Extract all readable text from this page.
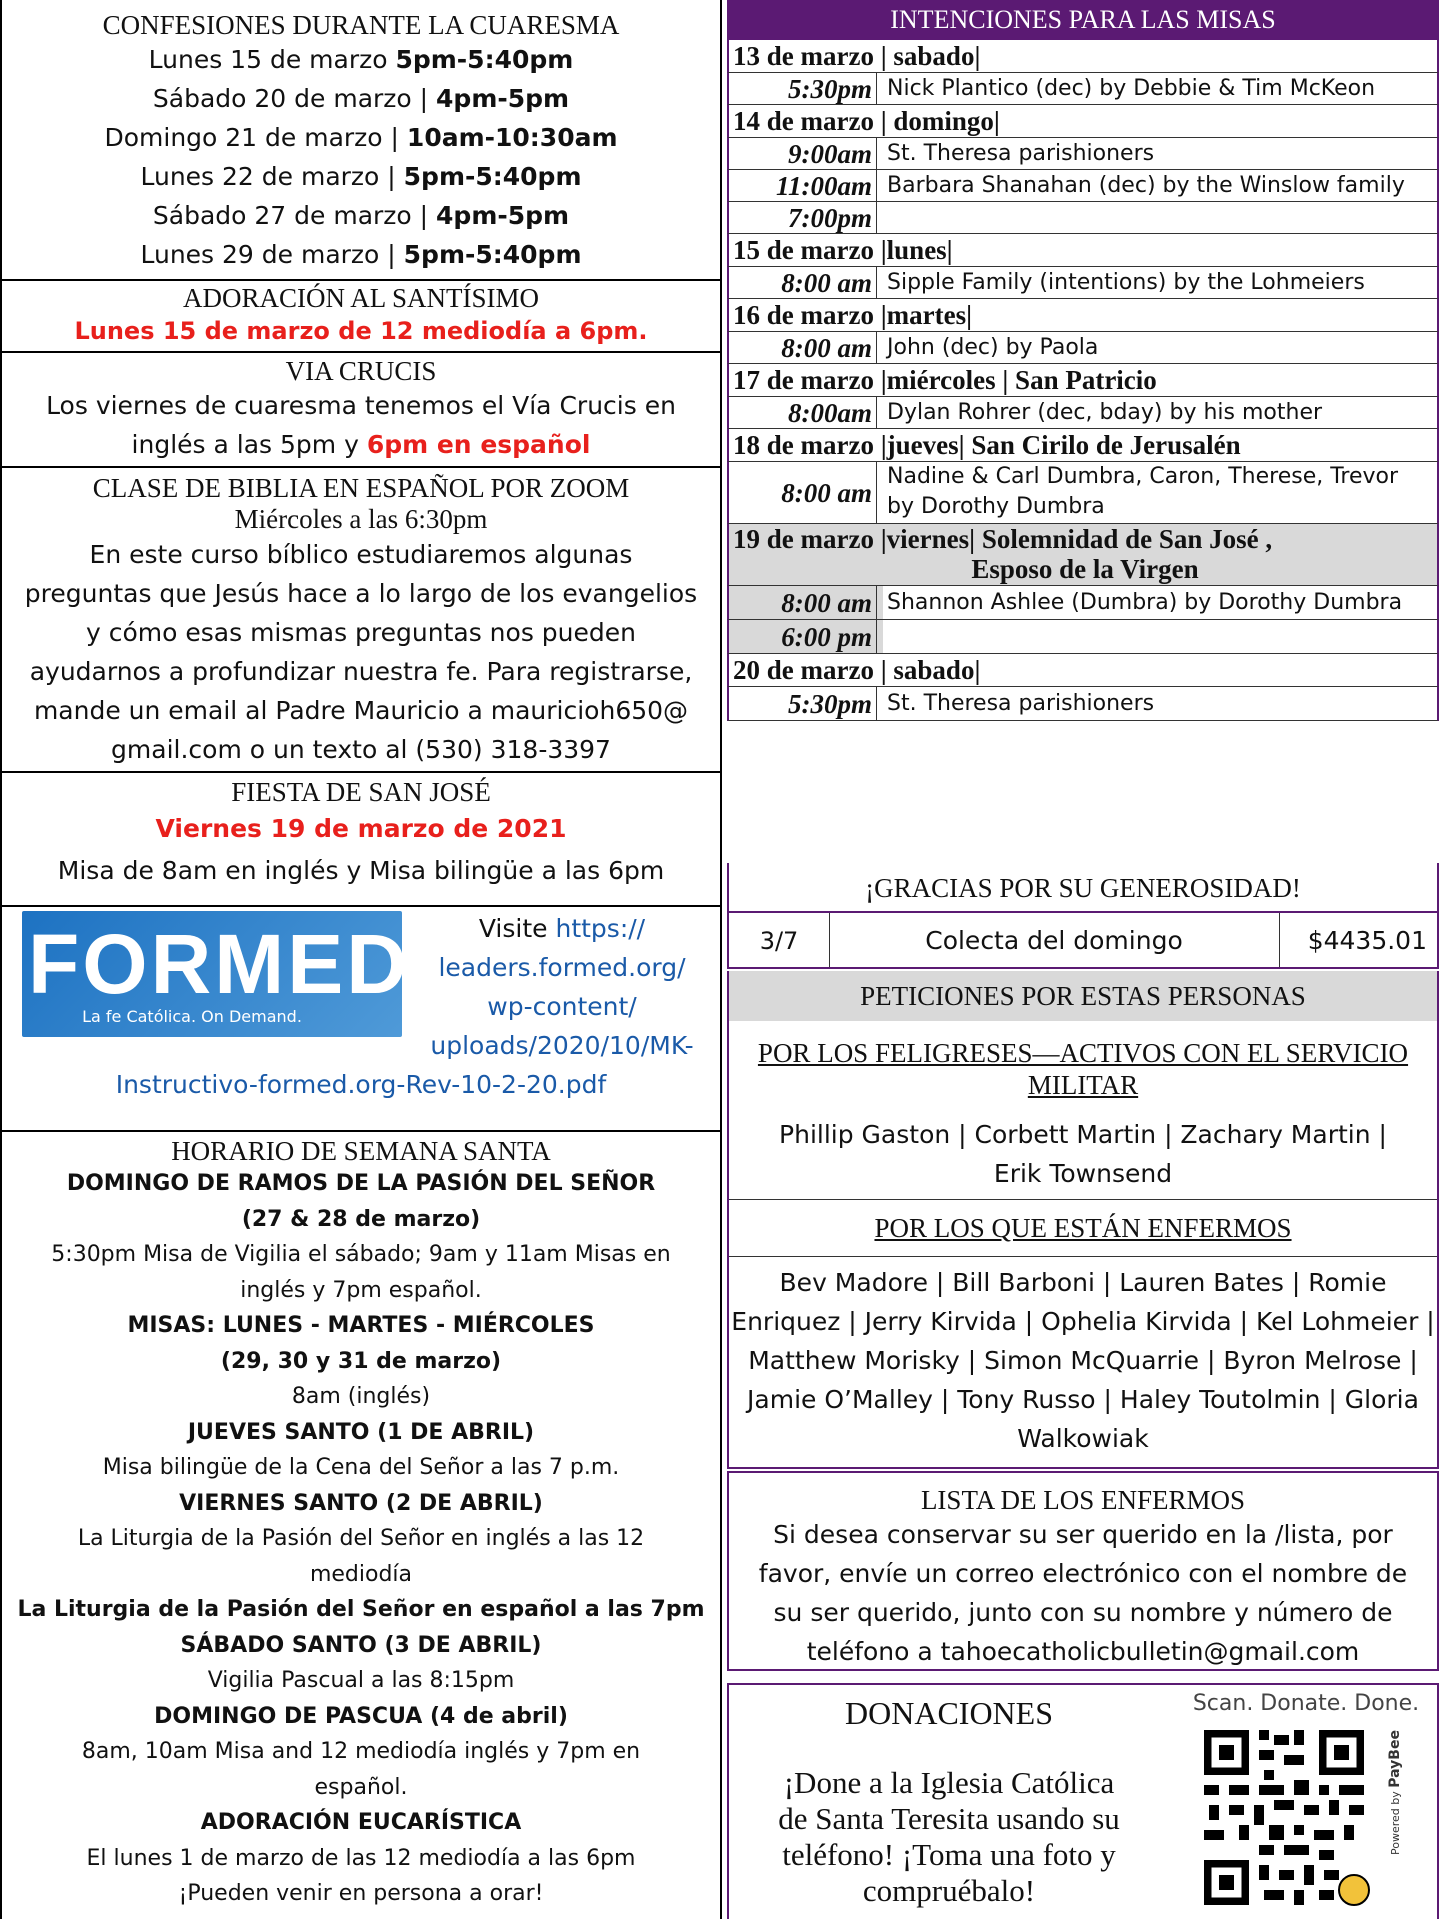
CONFESIONES DURANTE LA CUARESMA
Lunes 15 de marzo 5pm-5:40pm
Sábado 20 de marzo | 4pm-5pm
Domingo 21 de marzo | 10am-10:30am
Lunes 22 de marzo | 5pm-5:40pm
Sábado 27 de marzo | 4pm-5pm
Lunes 29 de marzo | 5pm-5:40pm
ADORACIÓN AL SANTÍSIMO
Lunes 15 de marzo de 12 mediodía a 6pm.
VIA CRUCIS
Los viernes de cuaresma tenemos el Vía Crucis en
inglés a las 5pm y 6pm en español
CLASE DE BIBLIA EN ESPAÑOL POR ZOOM
Miércoles a las 6:30pm
En este curso bíblico estudiaremos algunas
preguntas que Jesús hace a lo largo de los evangelios
y cómo esas mismas preguntas nos pueden
ayudarnos a profundizar nuestra fe. Para registrarse,
mande un email al Padre Mauricio a mauricioh650@
gmail.com o un texto al (530) 318-3397
FIESTA DE SAN JOSÉ
Viernes 19 de marzo de 2021
Misa de 8am en inglés y Misa bilingüe a las 6pm
FORMED
La fe Católica. On Demand.
Visite https://
leaders.formed.org/
wp-content/
uploads/2020/10/MK-
Instructivo-formed.org-Rev-10-2-20.pdf
HORARIO DE SEMANA SANTA
DOMINGO DE RAMOS DE LA PASIÓN DEL SEÑOR
(27 & 28 de marzo)
5:30pm Misa de Vigilia el sábado; 9am y 11am Misas en
inglés y 7pm español.
MISAS: LUNES - MARTES - MIÉRCOLES
(29, 30 y 31 de marzo)
8am (inglés)
JUEVES SANTO (1 DE ABRIL)
Misa bilingüe de la Cena del Señor a las 7 p.m.
VIERNES SANTO (2 DE ABRIL)
La Liturgia de la Pasión del Señor en inglés a las 12
mediodía
La Liturgia de la Pasión del Señor en español a las 7pm
SÁBADO SANTO (3 DE ABRIL)
Vigilia Pascual a las 8:15pm
DOMINGO DE PASCUA (4 de abril)
8am, 10am Misa and 12 mediodía inglés y 7pm en
español.
ADORACIÓN EUCARÍSTICA
El lunes 1 de marzo de las 12 mediodía a las 6pm
¡Pueden venir en persona a orar!
INTENCIONES PARA LAS MISAS
13 de marzo | sabado|
5:30pm Nick Plantico (dec) by Debbie & Tim McKeon
14 de marzo | domingo|
9:00am St. Theresa parishioners
11:00am Barbara Shanahan (dec) by the Winslow family
7:00pm
15 de marzo |lunes|
8:00 am Sipple Family (intentions) by the Lohmeiers
16 de marzo |martes|
8:00 am John (dec) by Paola
17 de marzo |miércoles | San Patricio
8:00am Dylan Rohrer (dec, bday) by his mother
18 de marzo |jueves| San Cirilo de Jerusalén
8:00 am
Nadine & Carl Dumbra, Caron, Therese, Trevor
by Dorothy Dumbra
19 de marzo |viernes| Solemnidad de San José ,
Esposo de la Virgen
8:00 am Shannon Ashlee (Dumbra) by Dorothy Dumbra
6:00 pm
20 de marzo | sabado|
5:30pm St. Theresa parishioners
¡GRACIAS POR SU GENEROSIDAD!
3/7	Colecta del domingo	$4435.01
PETICIONES POR ESTAS PERSONAS
POR LOS FELIGRESES—ACTIVOS CON EL SERVICIO
MILITAR
Phillip Gaston | Corbett Martin | Zachary Martin |
Erik Townsend
POR LOS QUE ESTÁN ENFERMOS
Bev Madore | Bill Barboni | Lauren Bates | Romie
Enriquez | Jerry Kirvida | Ophelia Kirvida | Kel Lohmeier |
Matthew Morisky | Simon McQuarrie | Byron Melrose |
Jamie O’Malley | Tony Russo | Haley Toutolmin | Gloria
Walkowiak
LISTA DE LOS ENFERMOS
Si desea conservar su ser querido en la /lista, por
favor, envíe un correo electrónico con el nombre de
su ser querido, junto con su nombre y número de
teléfono a tahoecatholicbulletin@gmail.com
DONACIONES
¡Done a la Iglesia Católica
de Santa Teresita usando su
teléfono! ¡Toma una foto y
compruébalo!
Scan. Donate. Done.
Powered by PayBee
